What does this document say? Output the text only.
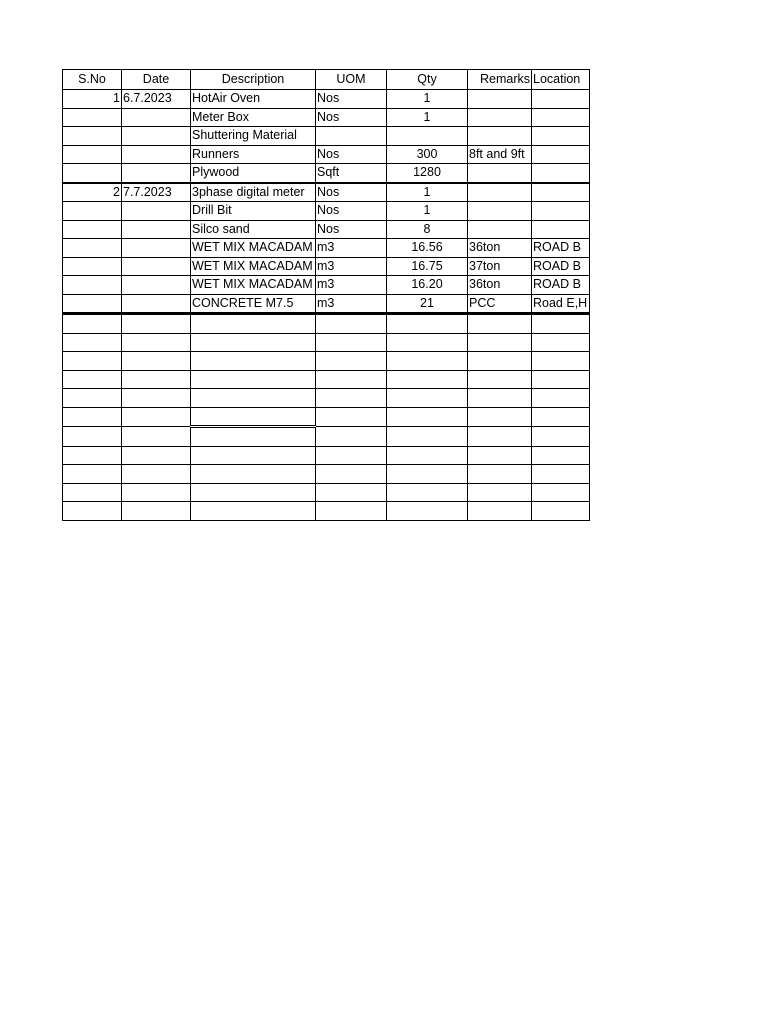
S.No	Date	Description	UOM	Qty	Remarks	Location
1	6.7.2023	HotAir Oven	Nos	1		
		Meter Box	Nos	1		
		Shuttering Material				
		Runners	Nos	300	8ft and 9ft	
		Plywood	Sqft	1280		
2	7.7.2023	3phase digital meter	Nos	1		
		Drill Bit	Nos	1		
		Silco sand	Nos	8		
		WET MIX MACADAM	m3	16.56	36ton	ROAD B
		WET MIX MACADAM	m3	16.75	37ton	ROAD B
		WET MIX MACADAM	m3	16.20	36ton	ROAD B
		CONCRETE M7.5	m3	21	PCC	Road E,H
